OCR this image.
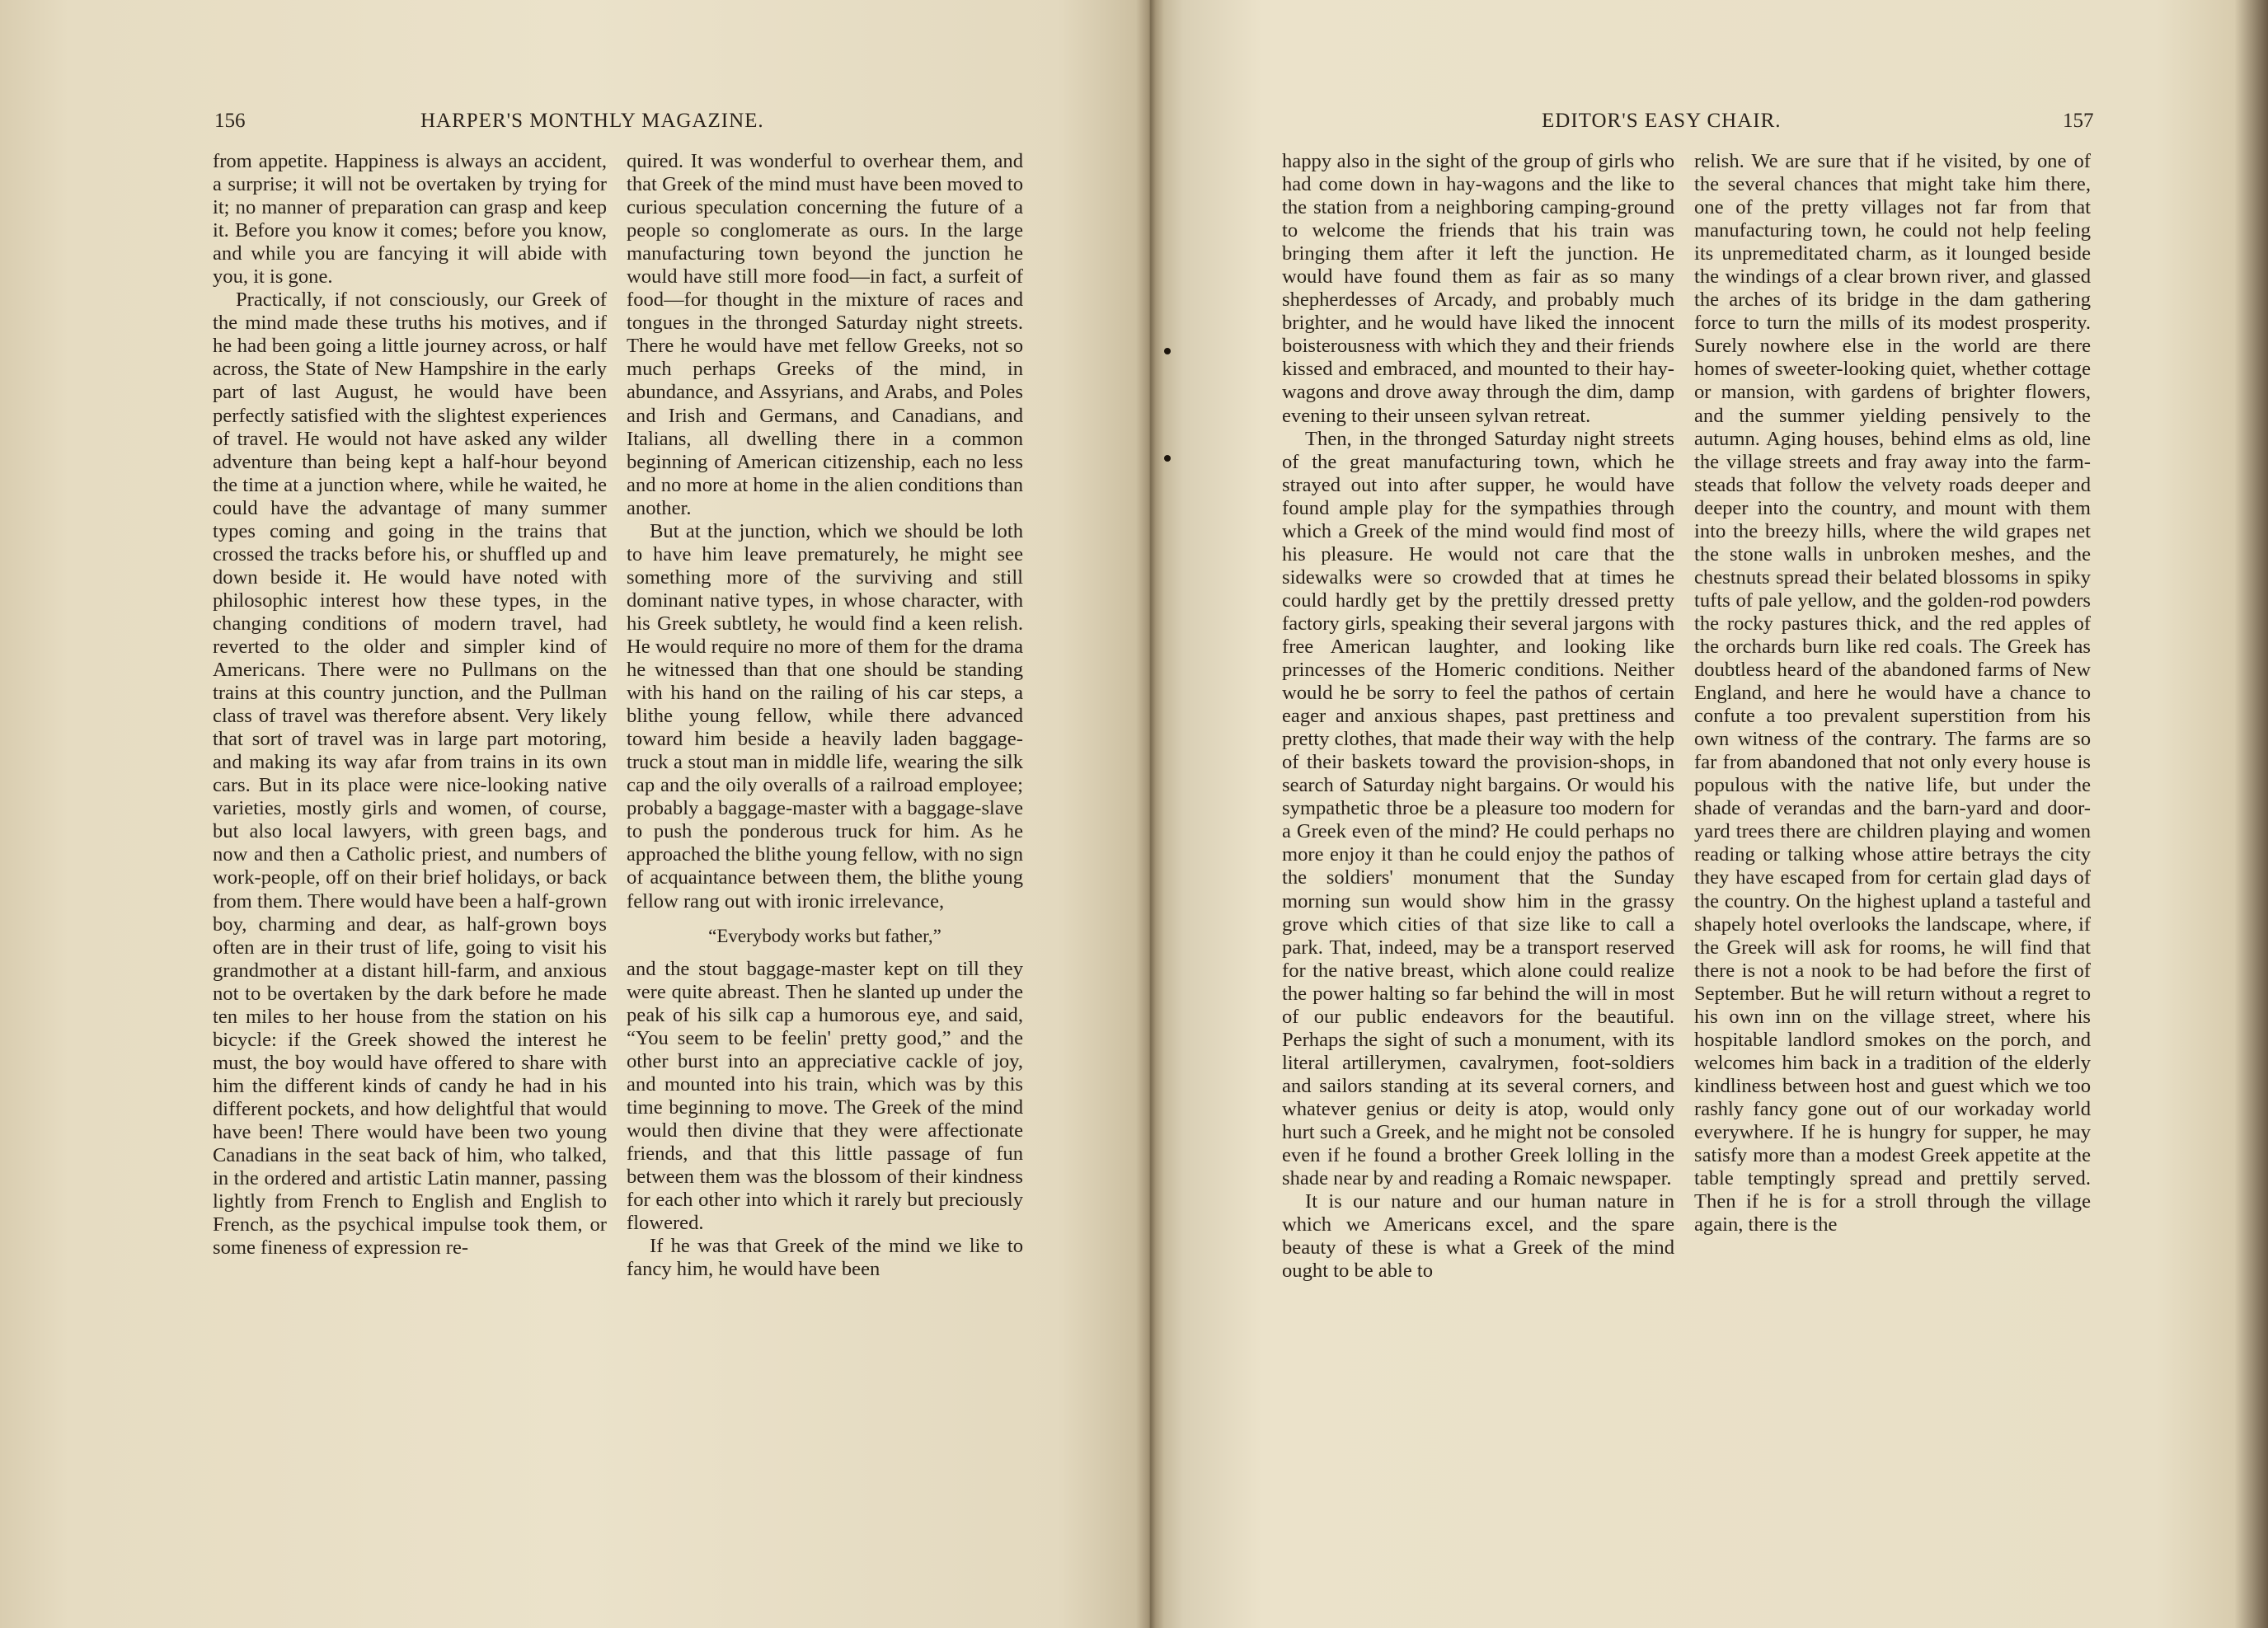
156	HARPER'S MONTHLY MAGAZINE.

from appetite. Happiness is always an accident, a surprise; it will not be overtaken by trying for it; no manner of preparation can grasp and keep it. Before you know it comes; before you know, and while you are fancying it will abide with you, it is gone.

Practically, if not consciously, our Greek of the mind made these truths his motives, and if he had been going a little journey across, or half across, the State of New Hampshire in the early part of last August, he would have been perfectly satisfied with the slightest experiences of travel. He would not have asked any wilder adventure than being kept a half-hour beyond the time at a junction where, while he waited, he could have the advantage of many summer types coming and going in the trains that crossed the tracks before his, or shuffled up and down beside it. He would have noted with philosophic interest how these types, in the changing conditions of modern travel, had reverted to the older and simpler kind of Americans. There were no Pullmans on the trains at this country junction, and the Pullman class of travel was therefore absent. Very likely that sort of travel was in large part motoring, and making its way afar from trains in its own cars. But in its place were nice-looking native varieties, mostly girls and women, of course, but also local lawyers, with green bags, and now and then a Catholic priest, and numbers of work-people, off on their brief holidays, or back from them. There would have been a half-grown boy, charming and dear, as half-grown boys often are in their trust of life, going to visit his grandmother at a distant hill-farm, and anxious not to be overtaken by the dark before he made ten miles to her house from the station on his bicycle: if the Greek showed the interest he must, the boy would have offered to share with him the different kinds of candy he had in his different pockets, and how delightful that would have been! There would have been two young Canadians in the seat back of him, who talked, in the ordered and artistic Latin manner, passing lightly from French to English and English to French, as the psychical impulse took them, or some fineness of expression re-

quired. It was wonderful to overhear them, and that Greek of the mind must have been moved to curious speculation concerning the future of a people so conglomerate as ours. In the large manufacturing town beyond the junction he would have still more food—in fact, a surfeit of food—for thought in the mixture of races and tongues in the thronged Saturday night streets. There he would have met fellow Greeks, not so much perhaps Greeks of the mind, in abundance, and Assyrians, and Arabs, and Poles and Irish and Germans, and Canadians, and Italians, all dwelling there in a common beginning of American citizenship, each no less and no more at home in the alien conditions than another.

But at the junction, which we should be loth to have him leave prematurely, he might see something more of the surviving and still dominant native types, in whose character, with his Greek subtlety, he would find a keen relish. He would require no more of them for the drama he witnessed than that one should be standing with his hand on the railing of his car steps, a blithe young fellow, while there advanced toward him beside a heavily laden baggage-truck a stout man in middle life, wearing the silk cap and the oily overalls of a railroad employee; probably a baggage-master with a baggage-slave to push the ponderous truck for him. As he approached the blithe young fellow, with no sign of acquaintance between them, the blithe young fellow rang out with ironic irrelevance,

“Everybody works but father,”

and the stout baggage-master kept on till they were quite abreast. Then he slanted up under the peak of his silk cap a humorous eye, and said, “You seem to be feelin' pretty good,” and the other burst into an appreciative cackle of joy, and mounted into his train, which was by this time beginning to move. The Greek of the mind would then divine that they were affectionate friends, and that this little passage of fun between them was the blossom of their kindness for each other into which it rarely but preciously flowered.

If he was that Greek of the mind we like to fancy him, he would have been

EDITOR'S EASY CHAIR.	157

happy also in the sight of the group of girls who had come down in hay-wagons and the like to the station from a neighboring camping-ground to welcome the friends that his train was bringing them after it left the junction. He would have found them as fair as so many shepherdesses of Arcady, and probably much brighter, and he would have liked the innocent boisterousness with which they and their friends kissed and embraced, and mounted to their hay-wagons and drove away through the dim, damp evening to their unseen sylvan retreat.

Then, in the thronged Saturday night streets of the great manufacturing town, which he strayed out into after supper, he would have found ample play for the sympathies through which a Greek of the mind would find most of his pleasure. He would not care that the sidewalks were so crowded that at times he could hardly get by the prettily dressed pretty factory girls, speaking their several jargons with free American laughter, and looking like princesses of the Homeric conditions. Neither would he be sorry to feel the pathos of certain eager and anxious shapes, past prettiness and pretty clothes, that made their way with the help of their baskets toward the provision-shops, in search of Saturday night bargains. Or would his sympathetic throe be a pleasure too modern for a Greek even of the mind? He could perhaps no more enjoy it than he could enjoy the pathos of the soldiers' monument that the Sunday morning sun would show him in the grassy grove which cities of that size like to call a park. That, indeed, may be a transport reserved for the native breast, which alone could realize the power halting so far behind the will in most of our public endeavors for the beautiful. Perhaps the sight of such a monument, with its literal artillerymen, cavalrymen, foot-soldiers and sailors standing at its several corners, and whatever genius or deity is atop, would only hurt such a Greek, and he might not be consoled even if he found a brother Greek lolling in the shade near by and reading a Romaic newspaper.

It is our nature and our human nature in which we Americans excel, and the spare beauty of these is what a Greek of the mind ought to be able to

relish. We are sure that if he visited, by one of the several chances that might take him there, one of the pretty villages not far from that manufacturing town, he could not help feeling its unpremeditated charm, as it lounged beside the windings of a clear brown river, and glassed the arches of its bridge in the dam gathering force to turn the mills of its modest prosperity. Surely nowhere else in the world are there homes of sweeter-looking quiet, whether cottage or mansion, with gardens of brighter flowers, and the summer yielding pensively to the autumn. Aging houses, behind elms as old, line the village streets and fray away into the farm-steads that follow the velvety roads deeper and deeper into the country, and mount with them into the breezy hills, where the wild grapes net the stone walls in unbroken meshes, and the chestnuts spread their belated blossoms in spiky tufts of pale yellow, and the golden-rod powders the rocky pastures thick, and the red apples of the orchards burn like red coals. The Greek has doubtless heard of the abandoned farms of New England, and here he would have a chance to confute a too prevalent superstition from his own witness of the contrary. The farms are so far from abandoned that not only every house is populous with the native life, but under the shade of verandas and the barn-yard and door-yard trees there are children playing and women reading or talking whose attire betrays the city they have escaped from for certain glad days of the country. On the highest upland a tasteful and shapely hotel overlooks the landscape, where, if the Greek will ask for rooms, he will find that there is not a nook to be had before the first of September. But he will return without a regret to his own inn on the village street, where his hospitable landlord smokes on the porch, and welcomes him back in a tradition of the elderly kindliness between host and guest which we too rashly fancy gone out of our workaday world everywhere. If he is hungry for supper, he may satisfy more than a modest Greek appetite at the table temptingly spread and prettily served. Then if he is for a stroll through the village again, there is the
